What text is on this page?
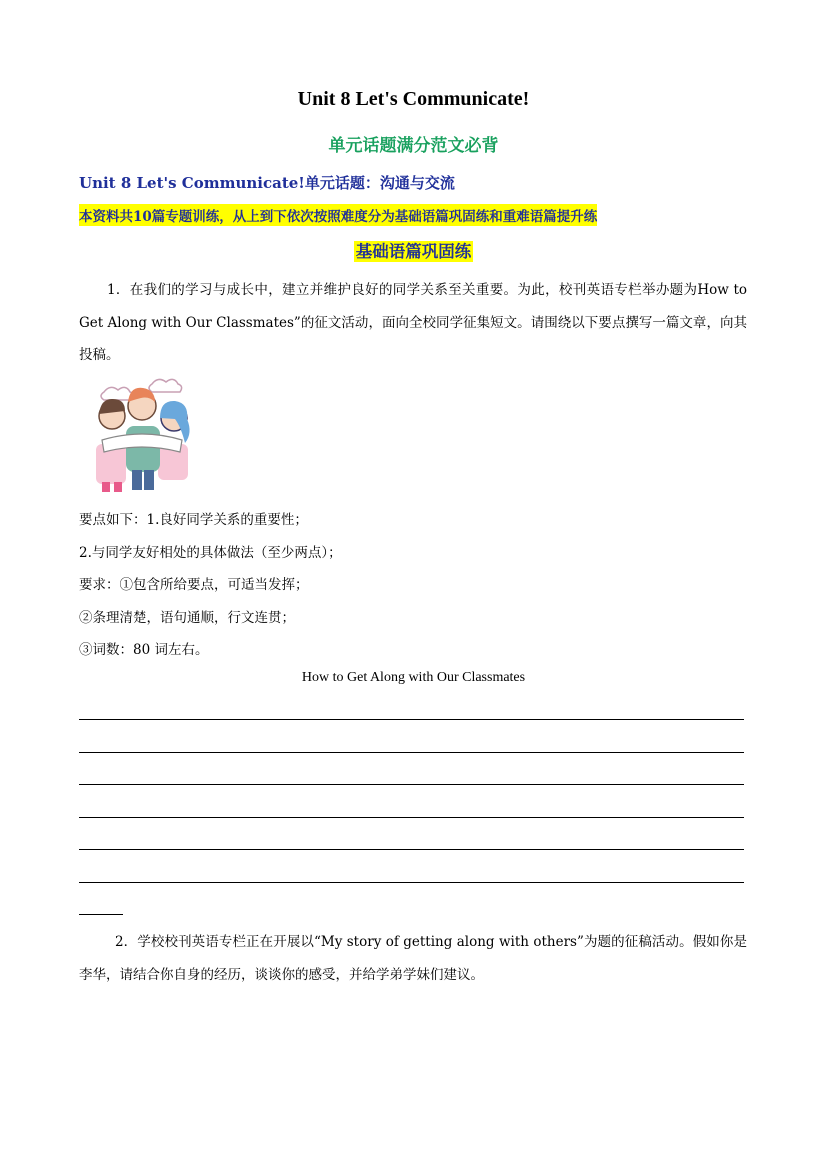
Unit 8 Let's Communicate!
单元话题满分范文必背
Unit 8 Let's Communicate!单元话题：沟通与交流
本资料共10篇专题训练，从上到下依次按照难度分为基础语篇巩固练和重难语篇提升练
基础语篇巩固练
1．在我们的学习与成长中，建立并维护良好的同学关系至关重要。为此，校刊英语专栏举办题为How to Get Along with Our Classmates”的征文活动，面向全校同学征集短文。请围绕以下要点撰写一篇文章，向其投稿。
要点如下：1.良好同学关系的重要性；
2.与同学友好相处的具体做法（至少两点）；
要求：①包含所给要点，可适当发挥；
②条理清楚，语句通顺，行文连贯；
③词数：80 词左右。
How to Get Along with Our Classmates
2．学校校刊英语专栏正在开展以“My story of getting along with others”为题的征稿活动。假如你是李华，请结合你自身的经历，谈谈你的感受，并给学弟学妹们建议。
